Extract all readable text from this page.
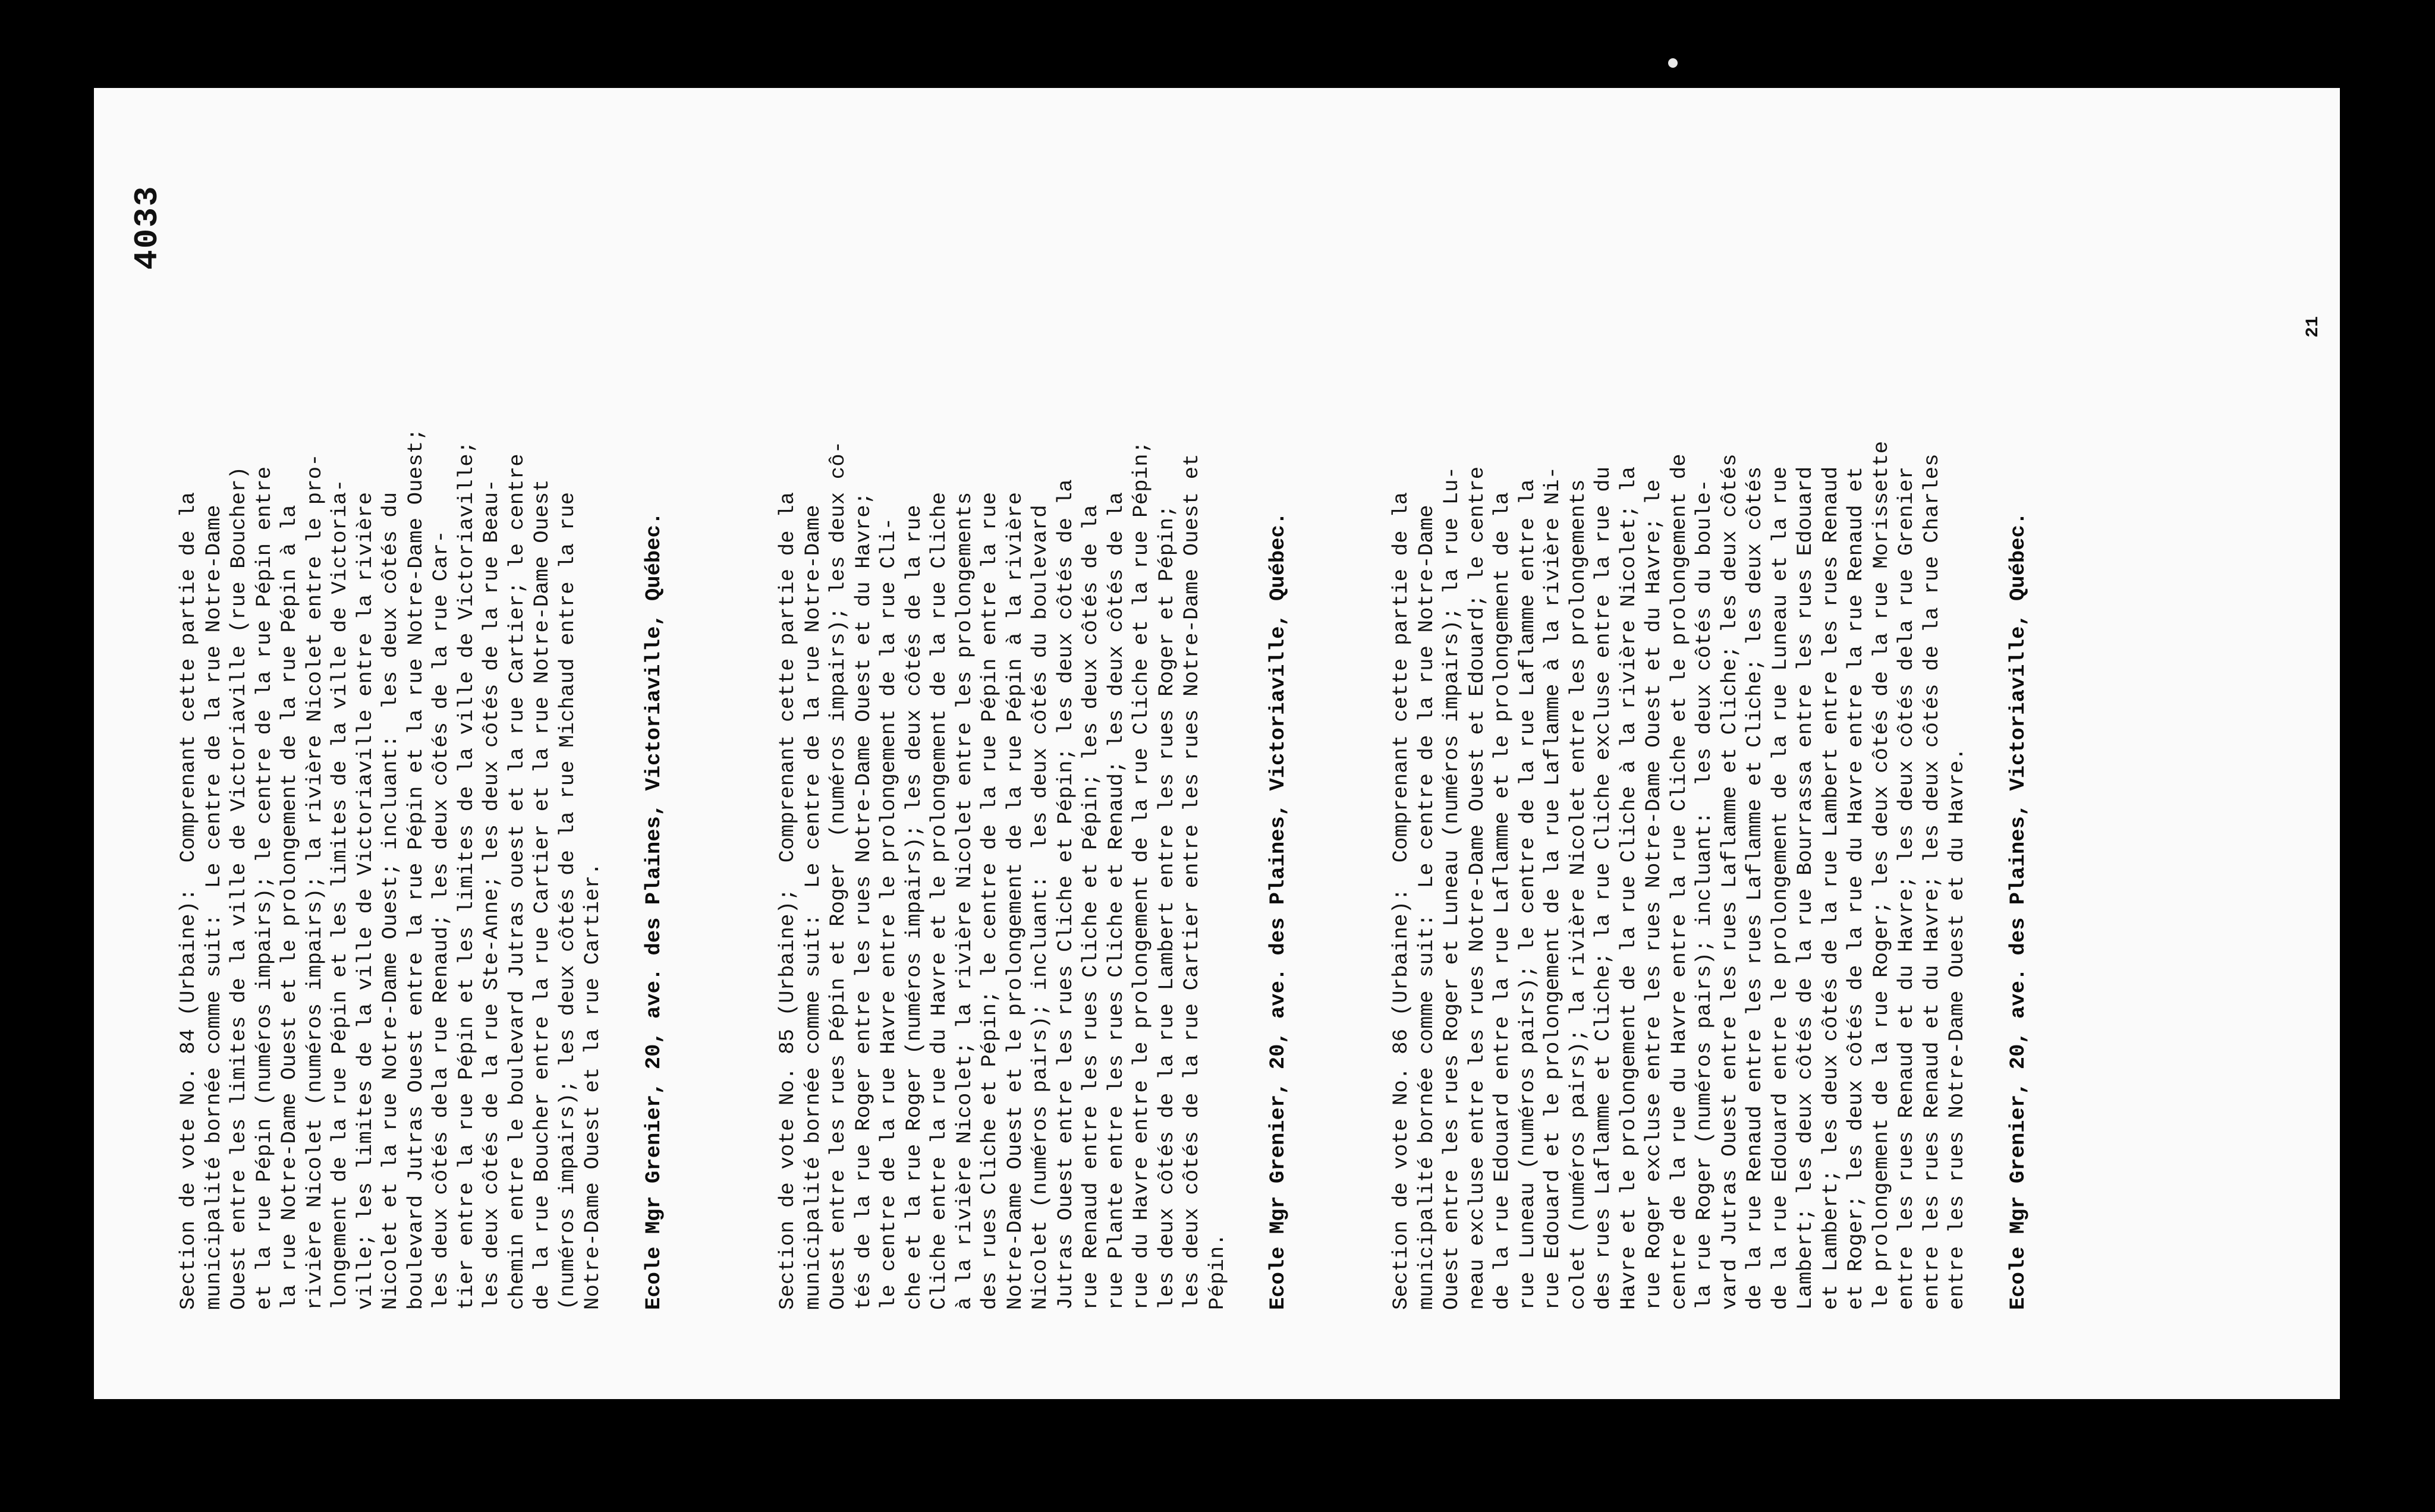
4033

Section de vote No. 84 (Urbaine):  Comprenant cette partie de la
municipalité bornée comme suit:  Le centre de la rue Notre-Dame
Ouest entre les limites de la ville de Victoriaville (rue Boucher)
et la rue Pépin (numéros impairs); le centre de la rue Pépin entre
la rue Notre-Dame Ouest et le prolongement de la rue Pépin à la
rivière Nicolet (numéros impairs); la rivière Nicolet entre le pro-
longement de la rue Pépin et les limites de la ville de Victoria-
ville; les limites de la ville de Victoriaville entre la rivière
Nicolet et la rue Notre-Dame Ouest; incluant:  les deux côtés du
boulevard Jutras Ouest entre la rue Pépin et la rue Notre-Dame Ouest;
les deux côtés dela rue Renaud; les deux côtés de la rue Car-
tier entre la rue Pépin et les limites de la ville de Victoriaville;
les deux côtés de la rue Ste-Anne; les deux côtés de la rue Beau-
chemin entre le boulevard Jutras ouest et la rue Cartier; le centre
de la rue Boucher entre la rue Cartier et la rue Notre-Dame Ouest
(numéros impairs); les deux côtés de la rue Michaud entre la rue
Notre-Dame Ouest et la rue Cartier. Ecole Mgr Grenier, 20, ave. des Plaines, Victoriaville, Québec.	Section de vote No. 85 (Urbaine);  Comprenant cette partie de la
municipalité bornée comme suit:  Le centre de la rue Notre-Dame
Ouest entre les rues Pépin et Roger  (numéros impairs); les deux cô-
tés de la rue Roger entre les rues Notre-Dame Ouest et du Havre;
le centre de la rue Havre entre le prolongement de la rue Cli-
che et la rue Roger (numéros impairs); les deux côtés de la rue
Cliche entre la rue du Havre et le prolongement de la rue Cliche
à la rivière Nicolet; la rivière Nicolet entre les prolongements
des rues Cliche et Pépin; le centre de la rue Pépin entre la rue
Notre-Dame Ouest et le prolongement de la rue Pépin à la rivière
Nicolet (numéros pairs); incluant:  les deux côtés du boulevard
Jutras Ouest entre les rues Cliche et Pépin; les deux côtés de la
rue Renaud entre les rues Cliche et Pépin; les deux côtés de la
rue Plante entre les rues Cliche et Renaud; les deux côtés de la
rue du Havre entre le prolongement de la rue Cliche et la rue Pépin;
les deux côtés de la rue Lambert entre les rues Roger et Pépin;
les deux côtés de la rue Cartier entre les rues Notre-Dame Ouest et
Pépin. Ecole Mgr Grenier, 20, ave. des Plaines, Victoriaville, Québec.	Section de vote No. 86 (Urbaine):  Comprenant cette partie de la
municipalité bornée comme suit:  Le centre de la rue Notre-Dame
Ouest entre les rues Roger et Luneau (numéros impairs); la rue Lu-
neau excluse entre les rues Notre-Dame Ouest et Edouard; le centre
de la rue Edouard entre la rue Laflamme et le prolongement de la
rue Luneau (numéros pairs); le centre de la rue Laflamme entre la
rue Edouard et le prolongement de la rue Laflamme à la rivière Ni-
colet (numéros pairs); la rivière Nicolet entre les prolongements
des rues Laflamme et Cliche; la rue Cliche excluse entre la rue du
Havre et le prolongement de la rue Cliche à la rivière Nicolet; la
rue Roger excluse entre les rues Notre-Dame Ouest et du Havre; le
centre de la rue du Havre entre la rue Cliche et le prolongement de
la rue Roger (numéros pairs); incluant:  les deux côtés du boule-
vard Jutras Ouest entre les rues Laflamme et Cliche; les deux côtés
de la rue Renaud entre les rues Laflamme et Cliche; les deux côtés
de la rue Edouard entre le prolongement de la rue Luneau et la rue
Lambert; les deux côtés de la rue Bourrassa entre les rues Edouard
et Lambert; les deux côtés de la rue Lambert entre les rues Renaud
et Roger; les deux côtés de la rue du Havre entre la rue Renaud et
le prolongement de la rue Roger; les deux côtés de la rue Morissette
entre les rues Renaud et du Havre; les deux côtés dela rue Grenier
entre les rues Renaud et du Havre; les deux côtés de la rue Charles
entre les rues Notre-Dame Ouest et du Havre. Ecole Mgr Grenier, 20, ave. des Plaines, Victoriaville, Québec.

21
